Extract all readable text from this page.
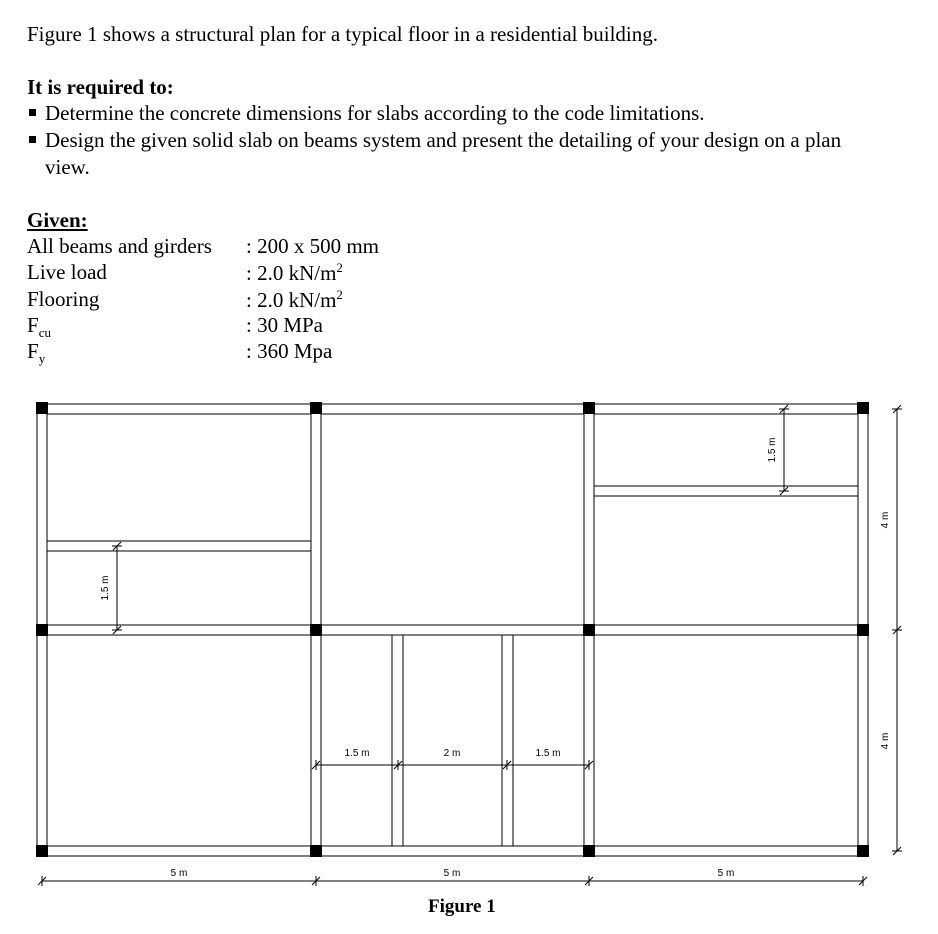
Figure 1 shows a structural plan for a typical floor in a residential building.
It is required to:
Determine the concrete dimensions for slabs according to the code limitations.
Design the given solid slab on beams system and present the detailing of your design on a plan
view.
Given:
All beams and girders : 200 x 500 mm
Live load	: 2.0 $kN/m^2$
Flooring	: 2.0 $kN/m^2$
$F_{cu}$	: 30 MPa
$F_y$	: 360 Mpa
5 m	5 m	5 m
4 m
4 m
1.5 m
1.5 m
1.5 m	2 m	1.5 m
Figure 1
